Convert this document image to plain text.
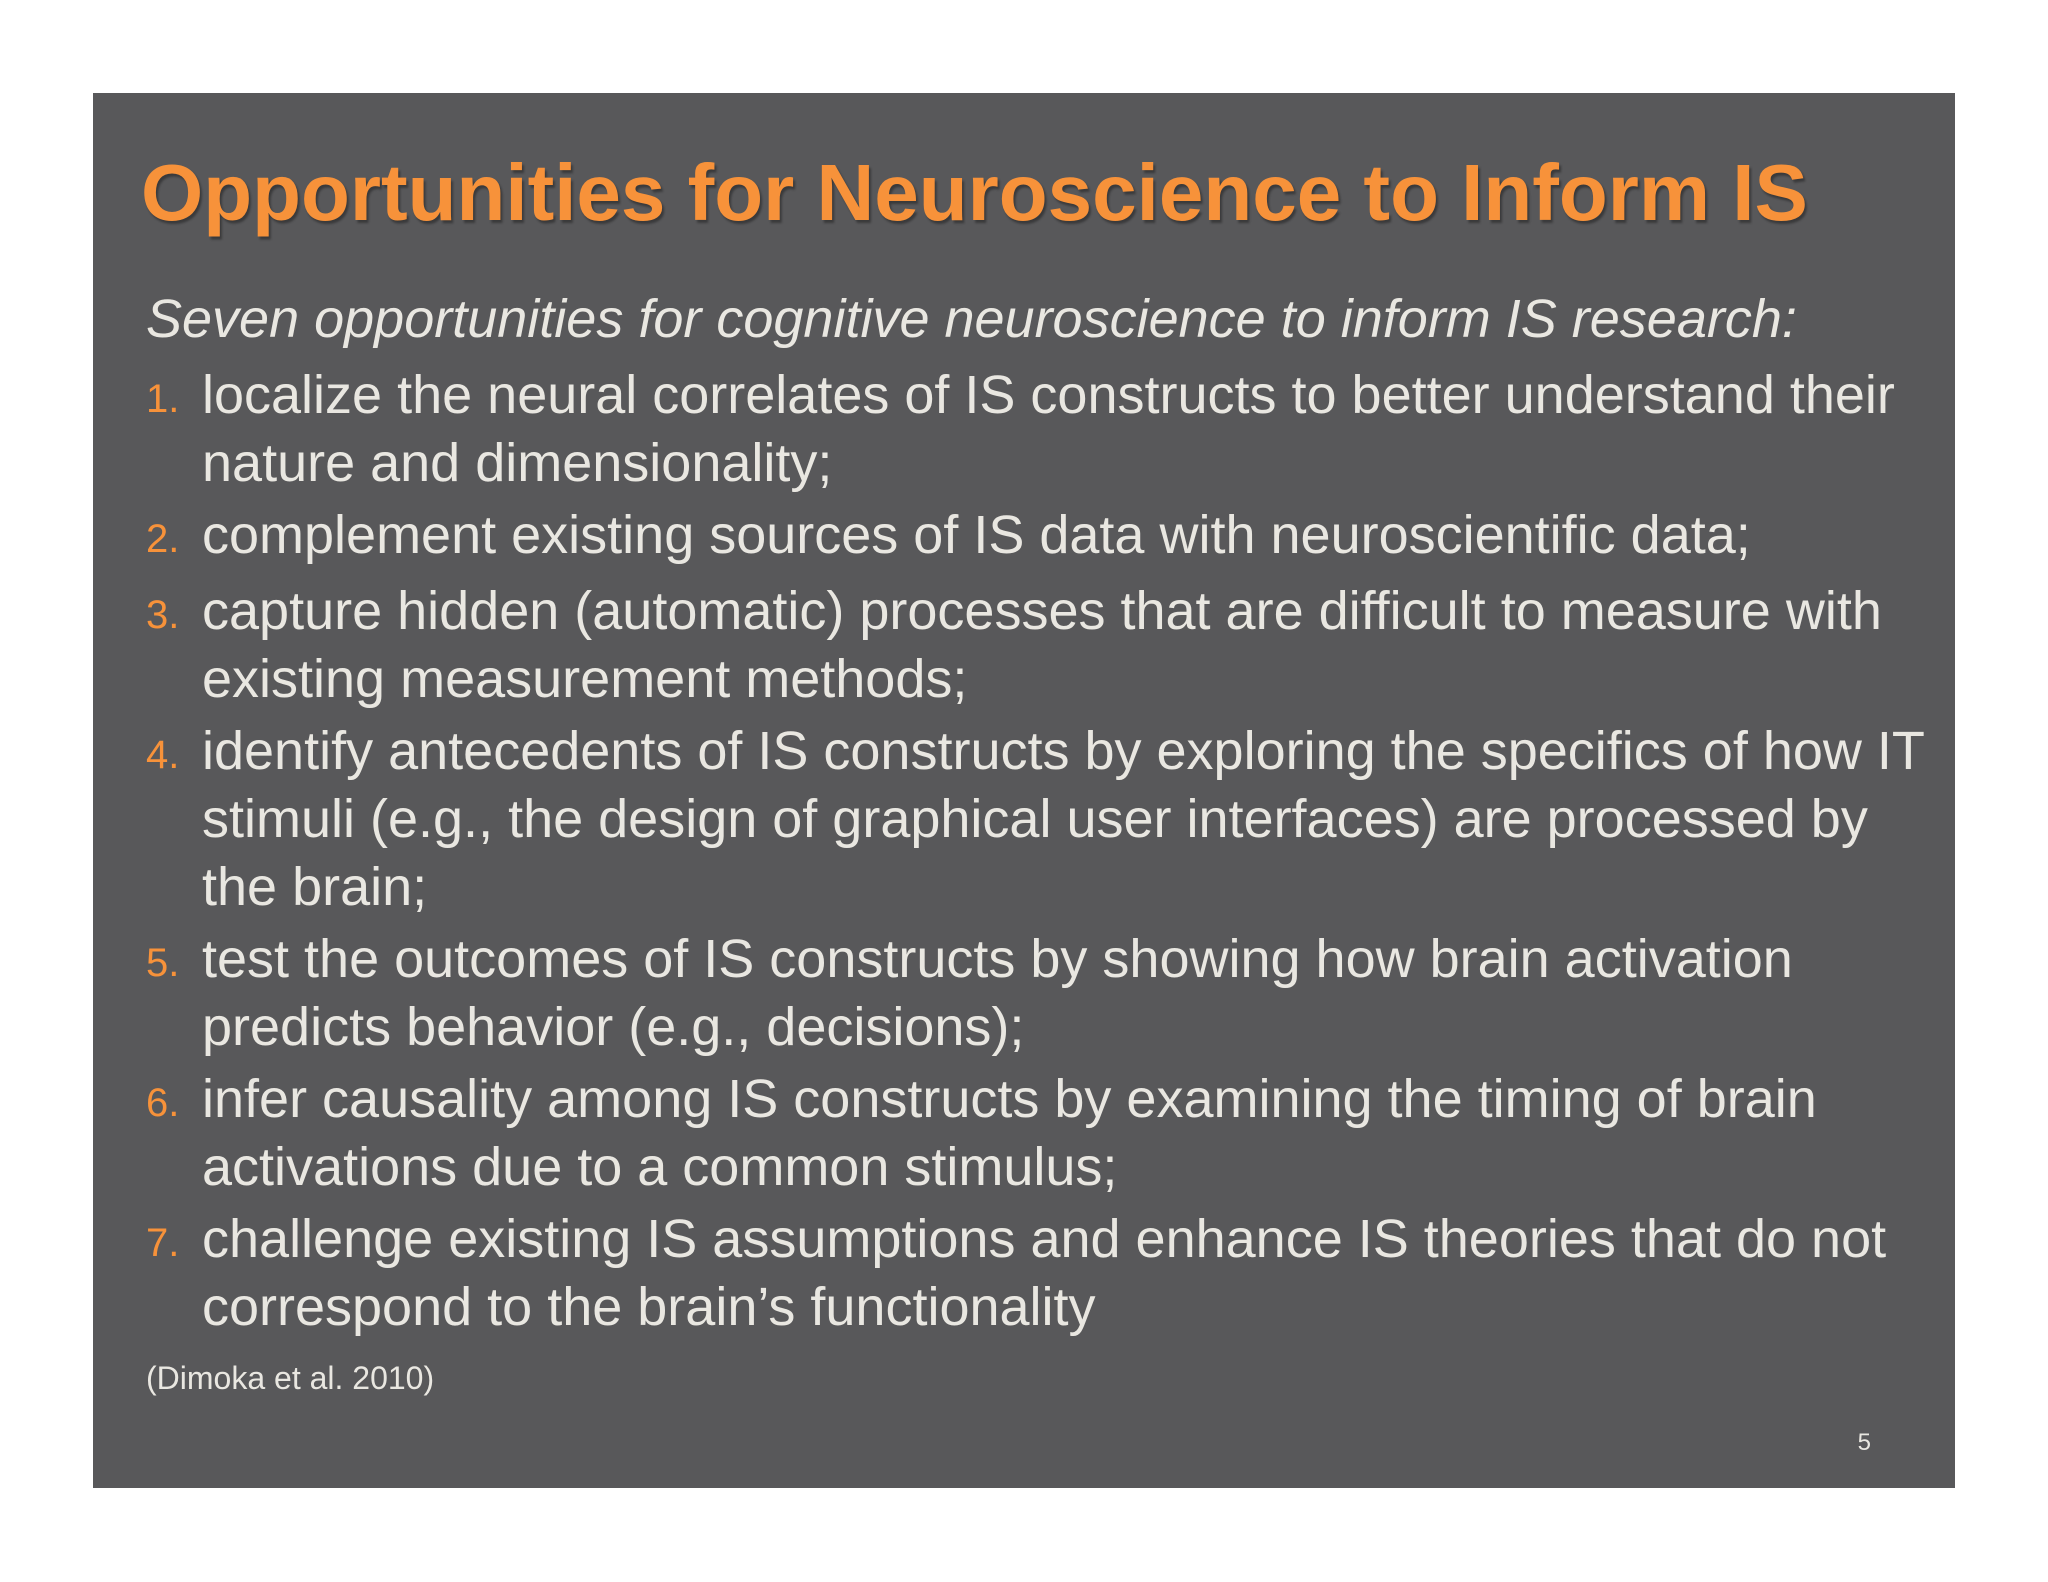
Opportunities for Neuroscience to Inform IS

Seven opportunities for cognitive neuroscience to inform IS research:

1. localize the neural correlates of IS constructs to better understand their nature and dimensionality;
2. complement existing sources of IS data with neuroscientific data;
3. capture hidden (automatic) processes that are difficult to measure with existing measurement methods;
4. identify antecedents of IS constructs by exploring the specifics of how IT stimuli (e.g., the design of graphical user interfaces) are processed by the brain;
5. test the outcomes of IS constructs by showing how brain activation predicts behavior (e.g., decisions);
6. infer causality among IS constructs by examining the timing of brain activations due to a common stimulus;
7. challenge existing IS assumptions and enhance IS theories that do not correspond to the brain’s functionality

(Dimoka et al. 2010)

5
